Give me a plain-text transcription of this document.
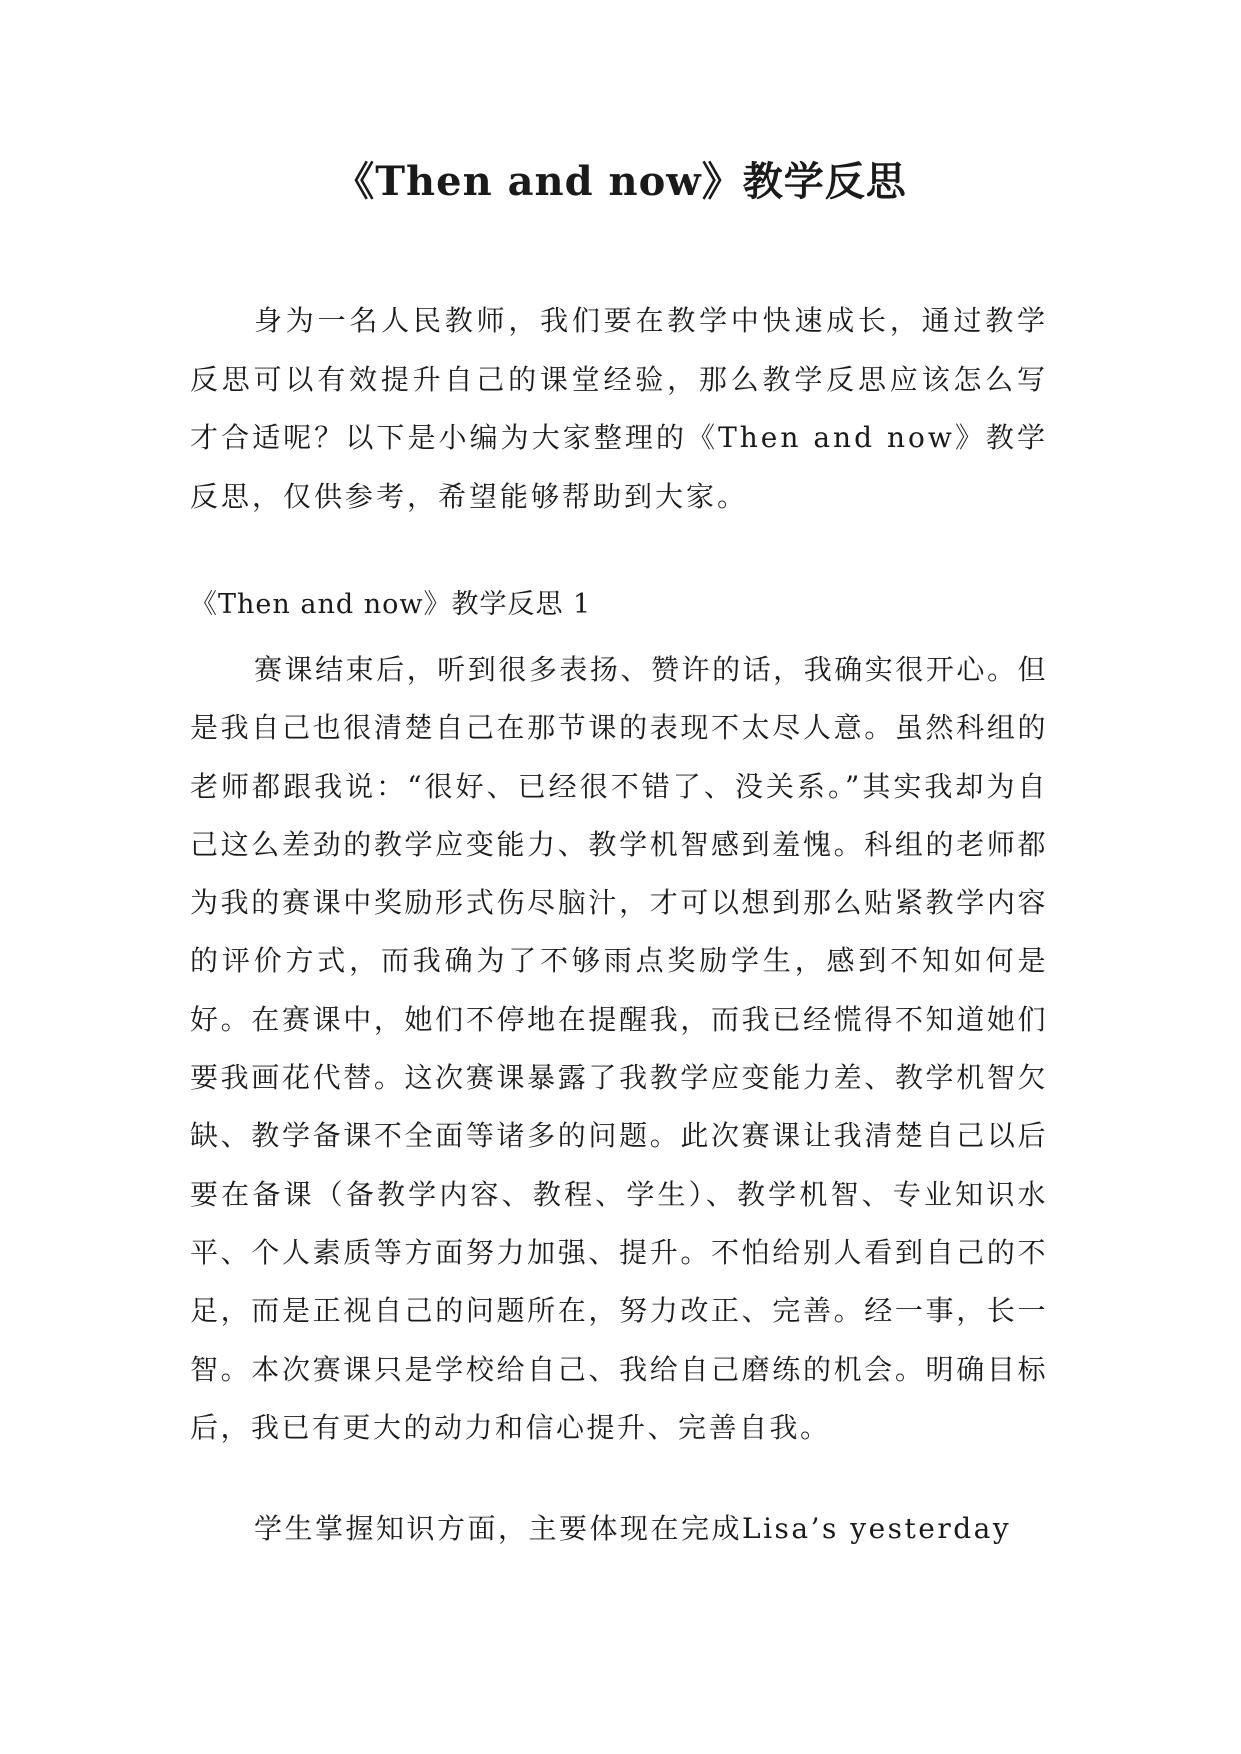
《Then and now》教学反思

身为一名人民教师，我们要在教学中快速成长，通过教学反思可以有效提升自己的课堂经验，那么教学反思应该怎么写才合适呢？以下是小编为大家整理的《Then and now》教学反思，仅供参考，希望能够帮助到大家。

《Then and now》教学反思 1

赛课结束后，听到很多表扬、赞许的话，我确实很开心。但是我自己也很清楚自己在那节课的表现不太尽人意。虽然科组的老师都跟我说：“很好、已经很不错了、没关系。”其实我却为自己这么差劲的教学应变能力、教学机智感到羞愧。科组的老师都为我的赛课中奖励形式伤尽脑汁，才可以想到那么贴紧教学内容的评价方式，而我确为了不够雨点奖励学生，感到不知如何是好。在赛课中，她们不停地在提醒我，而我已经慌得不知道她们要我画花代替。这次赛课暴露了我教学应变能力差、教学机智欠缺、教学备课不全面等诸多的问题。此次赛课让我清楚自己以后要在备课（备教学内容、教程、学生）、教学机智、专业知识水平、个人素质等方面努力加强、提升。不怕给别人看到自己的不足，而是正视自己的问题所在，努力改正、完善。经一事，长一智。本次赛课只是学校给自己、我给自己磨练的机会。明确目标后，我已有更大的动力和信心提升、完善自我。

学生掌握知识方面，主要体现在完成Lisa’s yesterday
